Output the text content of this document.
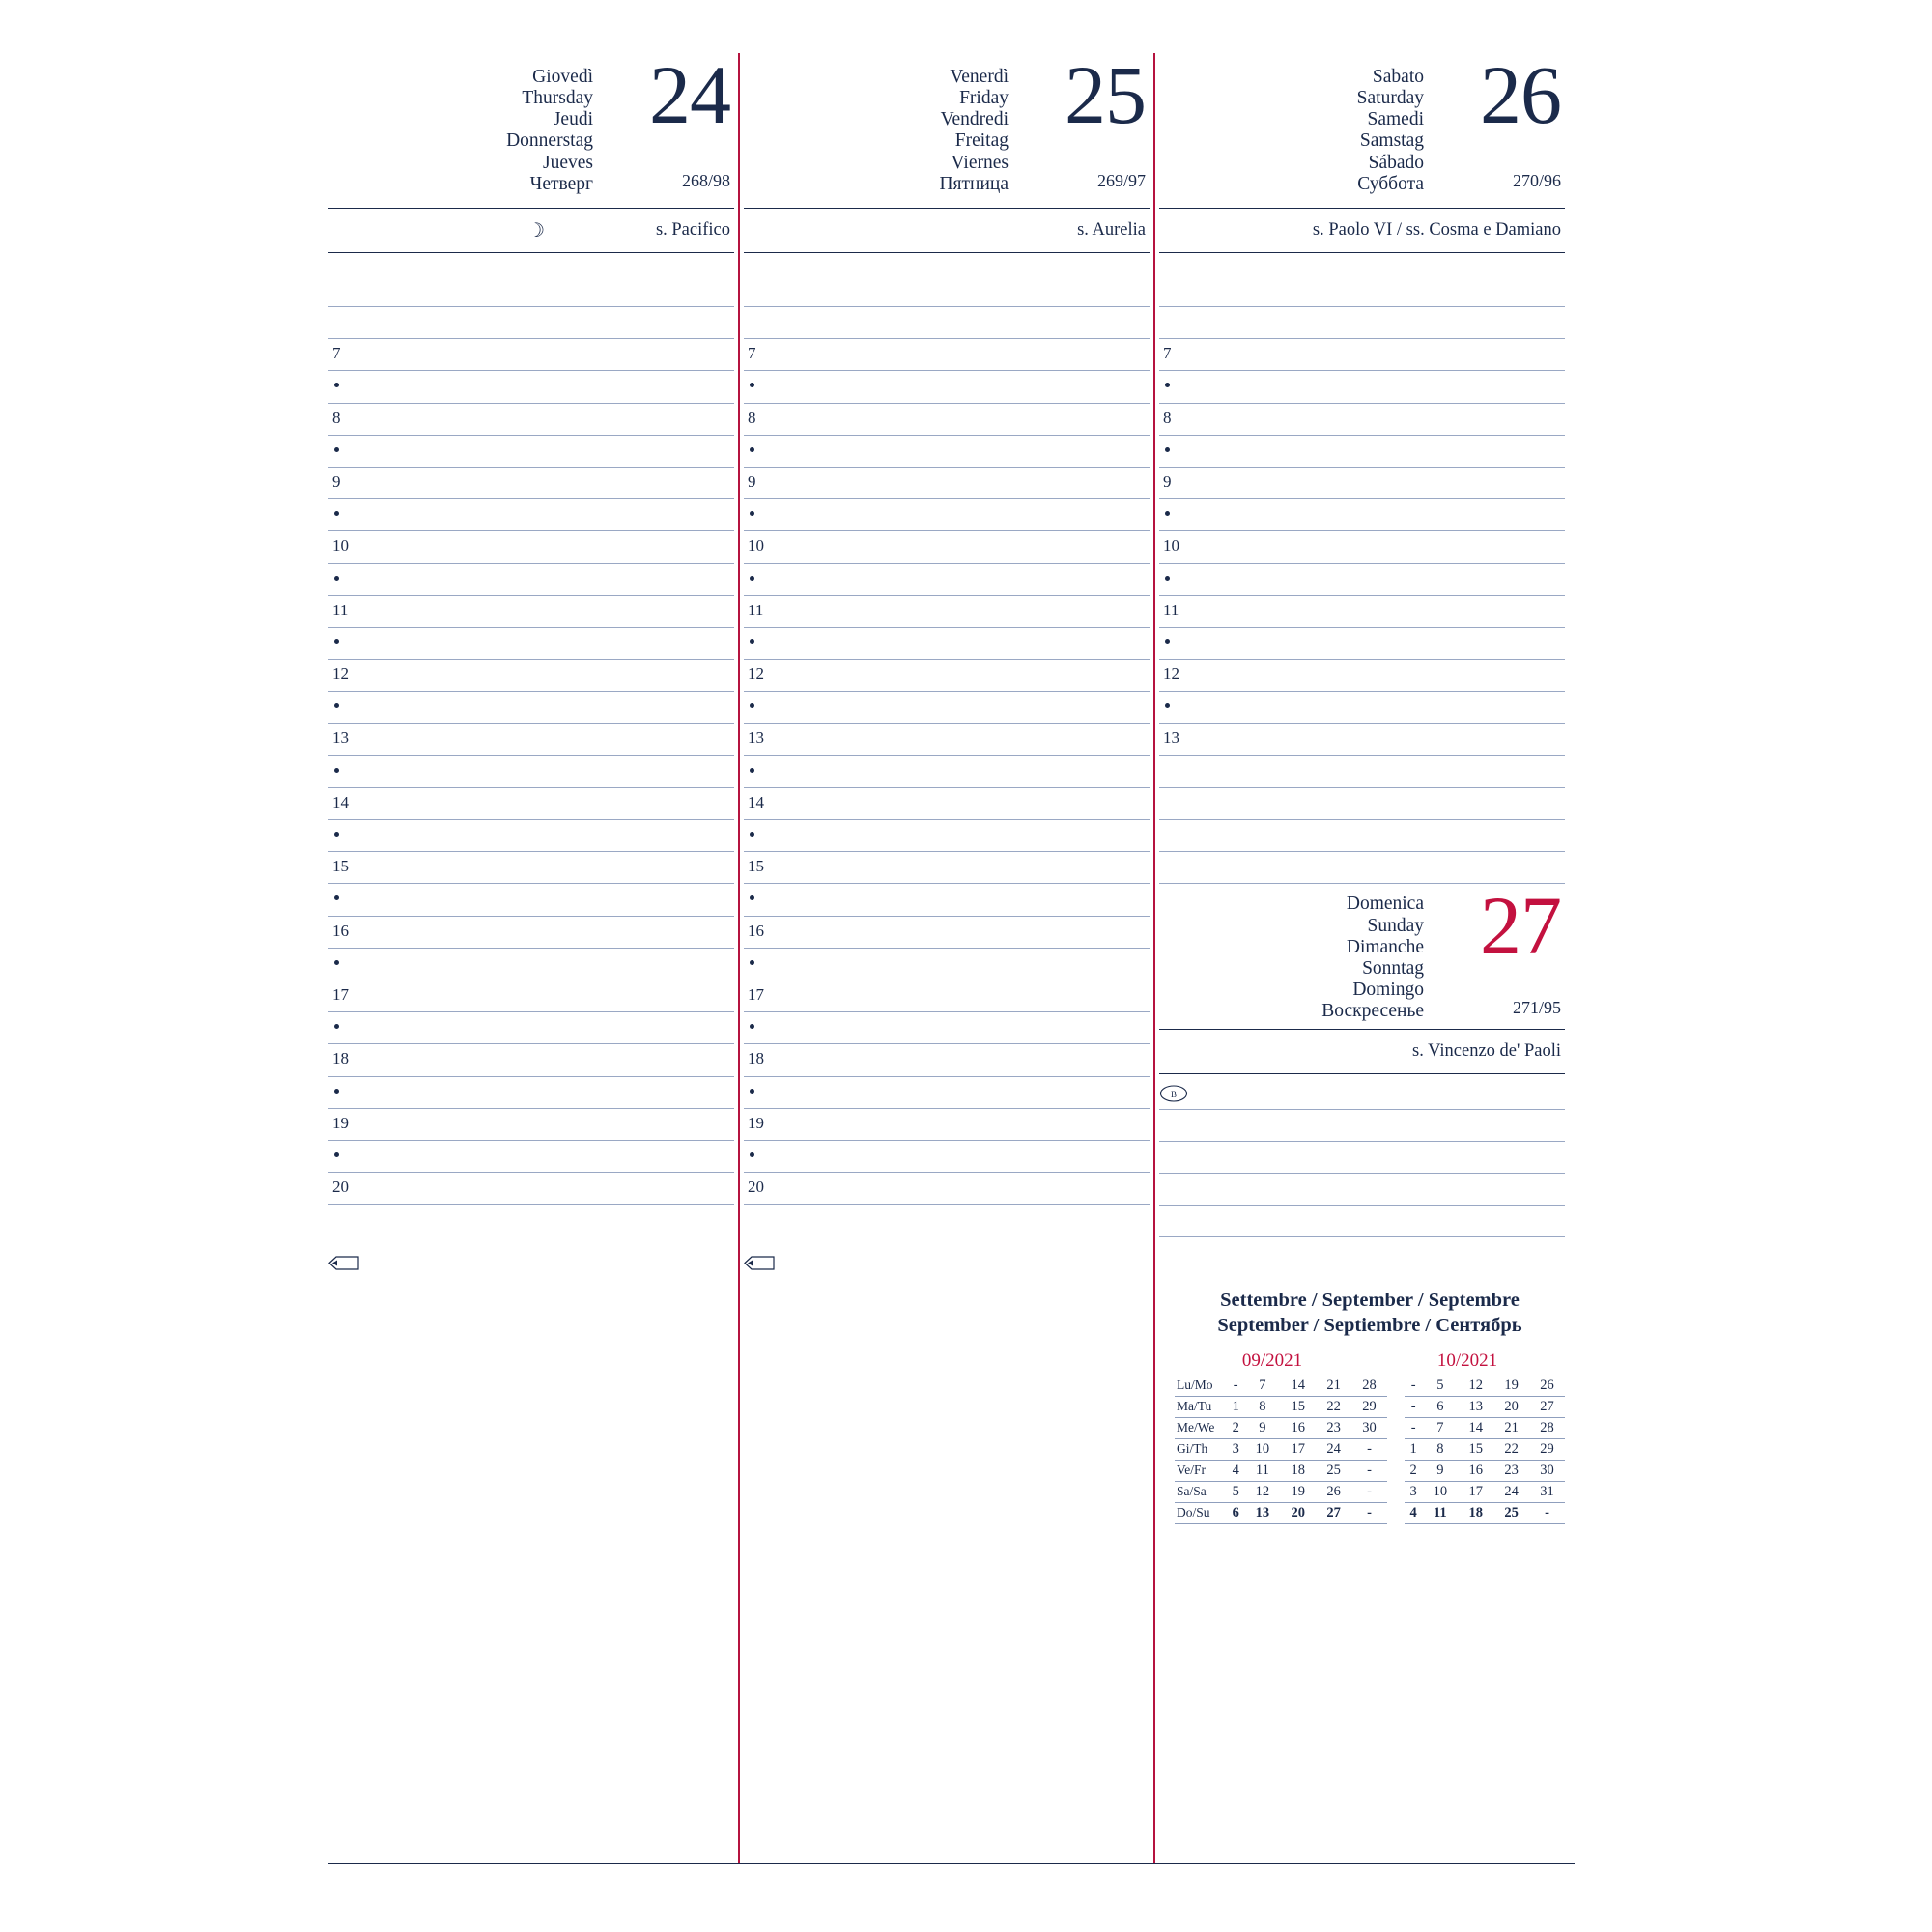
Giovedì
Thursday
Jeudi
Donnerstag
Jueves
Четверг
24
268/98
☽	s. Pacifico
7
8
9
10
11
12
13
14
15
16
17
18
19
20
Venerdì
Friday
Vendredi
Freitag
Viernes
Пятница
25
269/97
s. Aurelia
7
8
9
10
11
12
13
14
15
16
17
18
19
20
Sabato
Saturday
Samedi
Samstag
Sábado
Суббота
26
270/96
s. Paolo VI / ss. Cosma e Damiano
7
8
9
10
11
12
13
Domenica
Sunday
Dimanche
Sonntag
Domingo
Воскресенье
27
271/95
s. Vincenzo de' Paoli
B
Settembre / September / Septembre
September / Septiembre / Сентябрь
09/2021	10/2021
Lu/Mo	-	7	14	21	28		-	5	12	19	26
Ma/Tu	1	8	15	22	29		-	6	13	20	27
Me/We	2	9	16	23	30		-	7	14	21	28
Gi/Th	3	10	17	24	-		1	8	15	22	29
Ve/Fr	4	11	18	25	-		2	9	16	23	30
Sa/Sa	5	12	19	26	-		3	10	17	24	31
Do/Su	6	13	20	27	-		4	11	18	25	-
